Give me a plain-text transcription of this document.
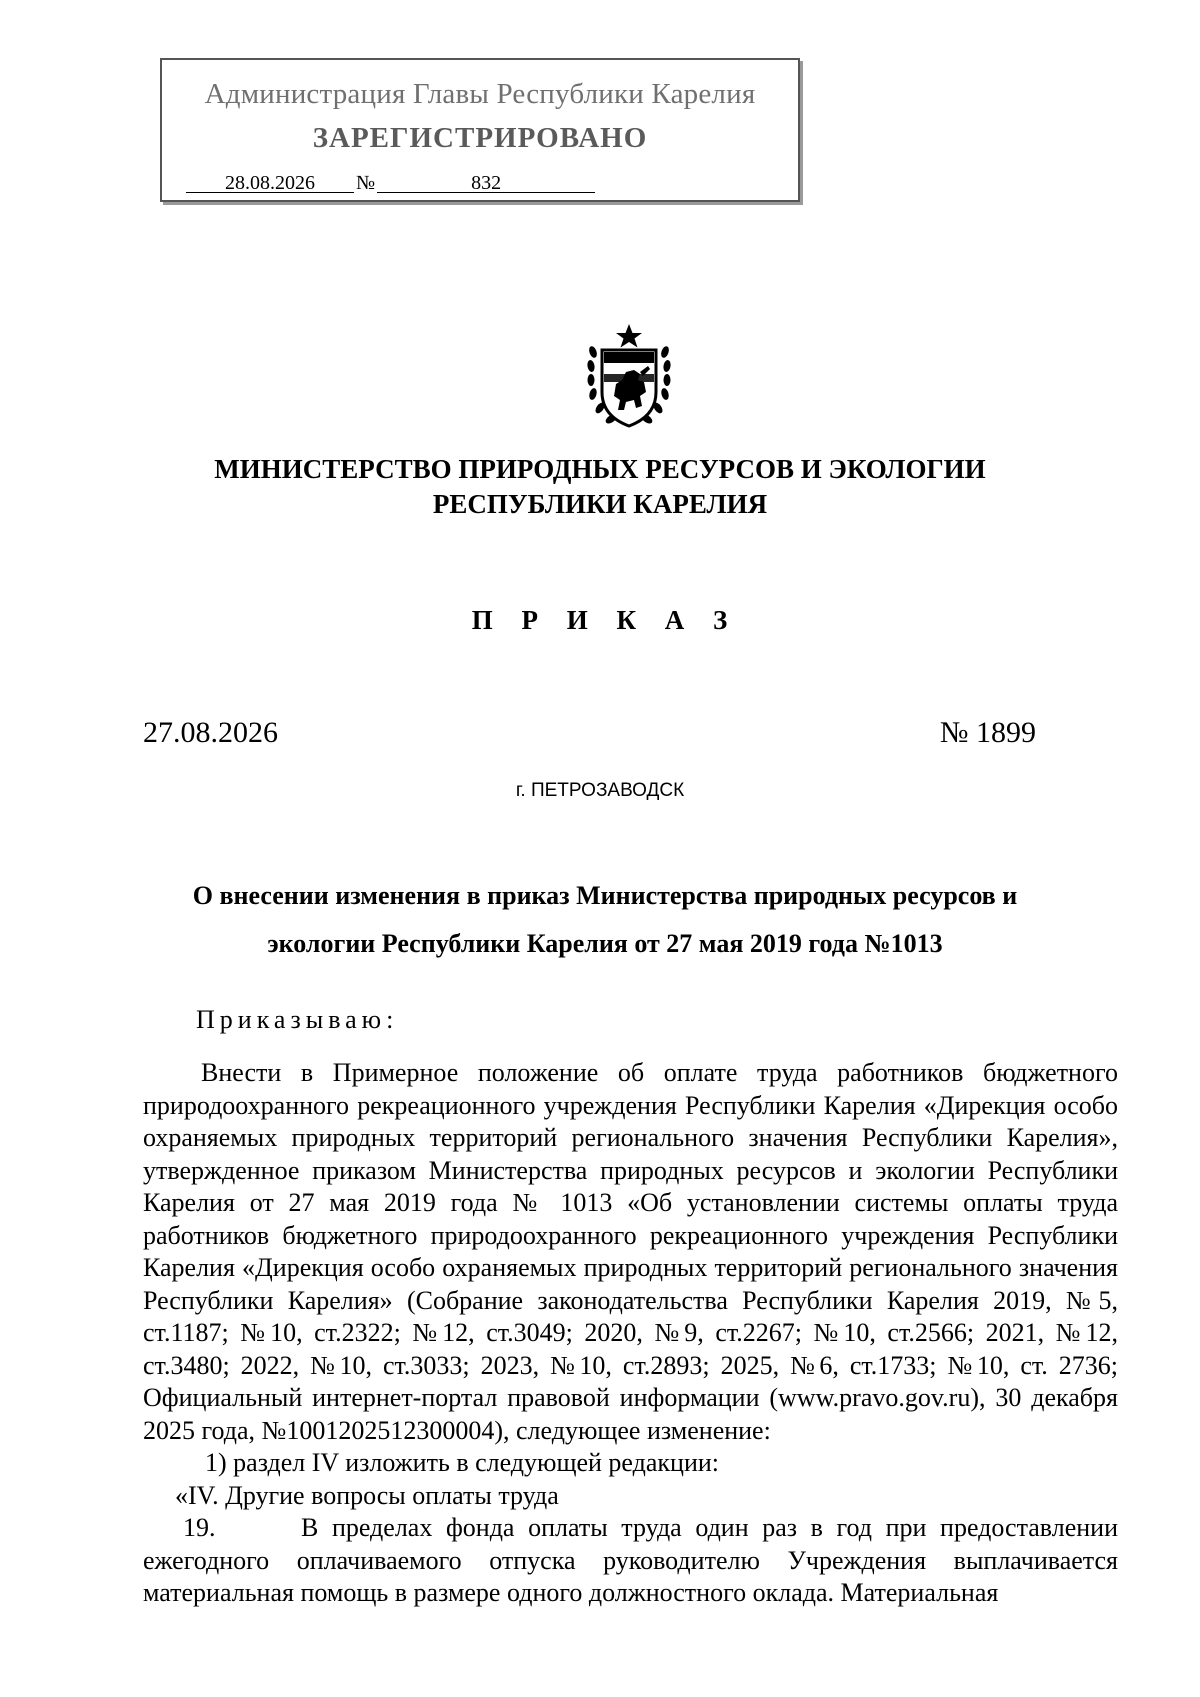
Администрация Главы Республики Карелия
ЗАРЕГИСТРИРОВАНО
28.08.2026 №	832
МИНИСТЕРСТВО ПРИРОДНЫХ РЕСУРСОВ И ЭКОЛОГИИ
РЕСПУБЛИКИ КАРЕЛИЯ
П Р И К А З
27.08.2026	№ 1899
г. ПЕТРОЗАВОДСК
О внесении изменения в приказ Министерства природных ресурсов и
экологии Республики Карелия от 27 мая 2019 года №1013
Приказываю:

Внести в Примерное положение об оплате труда работников бюджетного природоохранного рекреационного учреждения Республики Карелия «Дирекция особо охраняемых природных территорий регионального значения Республики Карелия», утвержденное приказом Министерства природных ресурсов и экологии Республики Карелия от 27 мая 2019 года № 1013 «Об установлении системы оплаты труда работников бюджетного природоохранного рекреационного учреждения Республики Карелия «Дирекция особо охраняемых природных территорий регионального значения Республики Карелия» (Собрание законодательства Республики Карелия 2019, №5, ст.1187; №10, ст.2322; №12, ст.3049; 2020, №9, ст.2267; №10, ст.2566; 2021, №12, ст.3480; 2022, №10, ст.3033; 2023, №10, ст.2893; 2025, №6, ст.1733; №10, ст. 2736; Официальный интернет-портал правовой информации (www.pravo.gov.ru), 30 декабря 2025 года, №1001202512300004), следующее изменение:

1) раздел IV изложить в следующей редакции:

«IV. Другие вопросы оплаты труда

19.	В пределах фонда оплаты труда один раз в год при предоставлении ежегодного оплачиваемого отпуска руководителю Учреждения выплачивается материальная помощь в размере одного должностного оклада. Материальная
